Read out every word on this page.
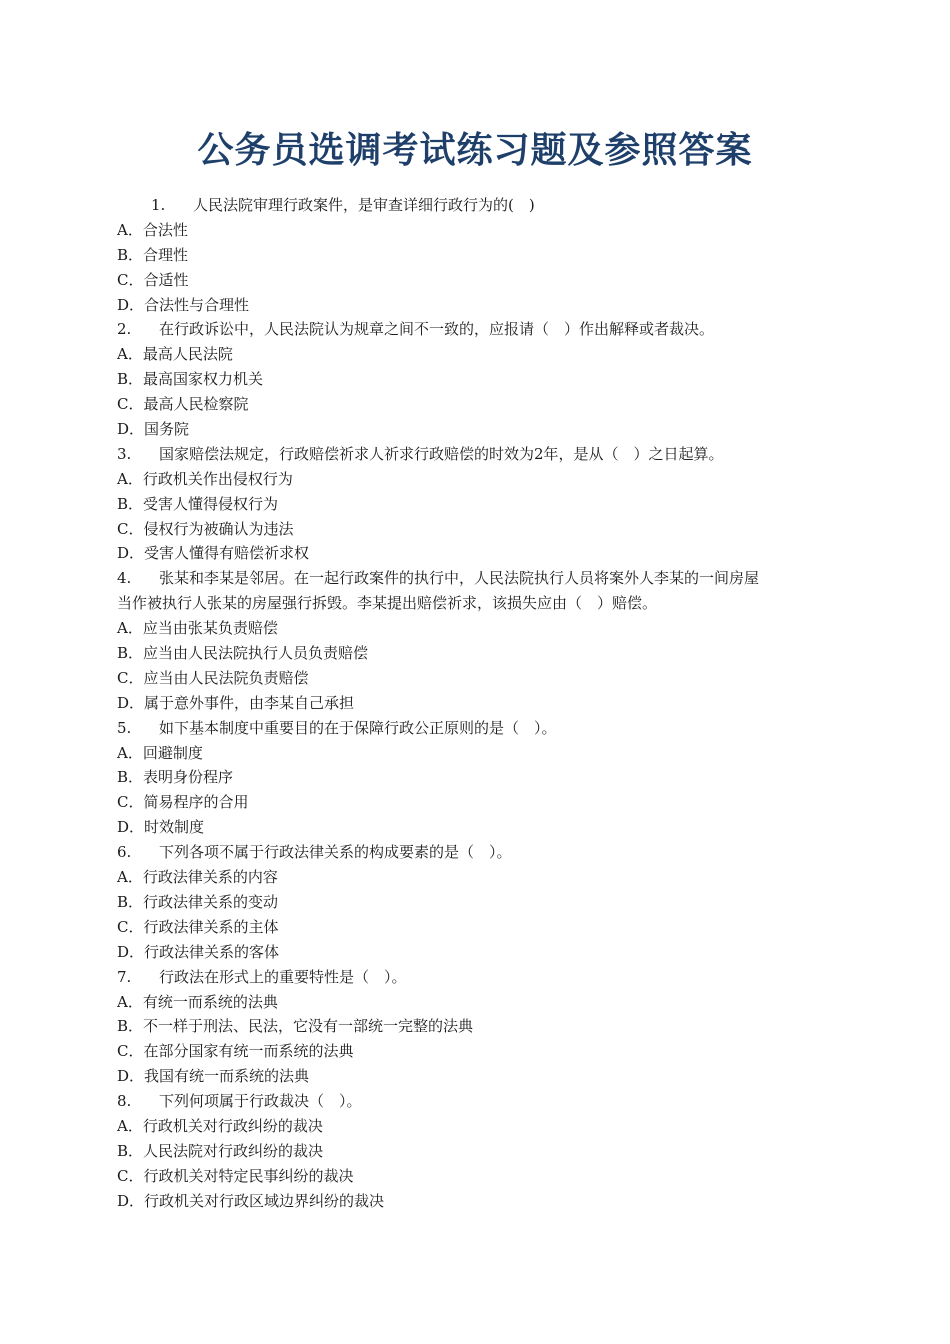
公务员选调考试练习题及参照答案
1. 人民法院审理行政案件，是审查详细行政行为的(　)
A．合法性
B．合理性
C．合适性
D．合法性与合理性
2. 在行政诉讼中，人民法院认为规章之间不一致的，应报请（　）作出解释或者裁决。
A．最高人民法院
B．最高国家权力机关
C．最高人民检察院
D．国务院
3. 国家赔偿法规定，行政赔偿祈求人祈求行政赔偿的时效为2年，是从（　）之日起算。
A．行政机关作出侵权行为
B．受害人懂得侵权行为
C．侵权行为被确认为违法
D．受害人懂得有赔偿祈求权
4. 张某和李某是邻居。在一起行政案件的执行中，人民法院执行人员将案外人李某的一间房屋
当作被执行人张某的房屋强行拆毁。李某提出赔偿祈求，该损失应由（　）赔偿。
A．应当由张某负责赔偿
B．应当由人民法院执行人员负责赔偿
C．应当由人民法院负责赔偿
D．属于意外事件，由李某自己承担
5. 如下基本制度中重要目的在于保障行政公正原则的是（　）。
A．回避制度
B．表明身份程序
C．简易程序的合用
D．时效制度
6. 下列各项不属于行政法律关系的构成要素的是（　）。
A．行政法律关系的内容
B．行政法律关系的变动
C．行政法律关系的主体
D．行政法律关系的客体
7. 行政法在形式上的重要特性是（　）。
A．有统一而系统的法典
B．不一样于刑法、民法，它没有一部统一完整的法典
C．在部分国家有统一而系统的法典
D．我国有统一而系统的法典
8. 下列何项属于行政裁决（　）。
A．行政机关对行政纠纷的裁决
B．人民法院对行政纠纷的裁决
C．行政机关对特定民事纠纷的裁决
D．行政机关对行政区域边界纠纷的裁决
